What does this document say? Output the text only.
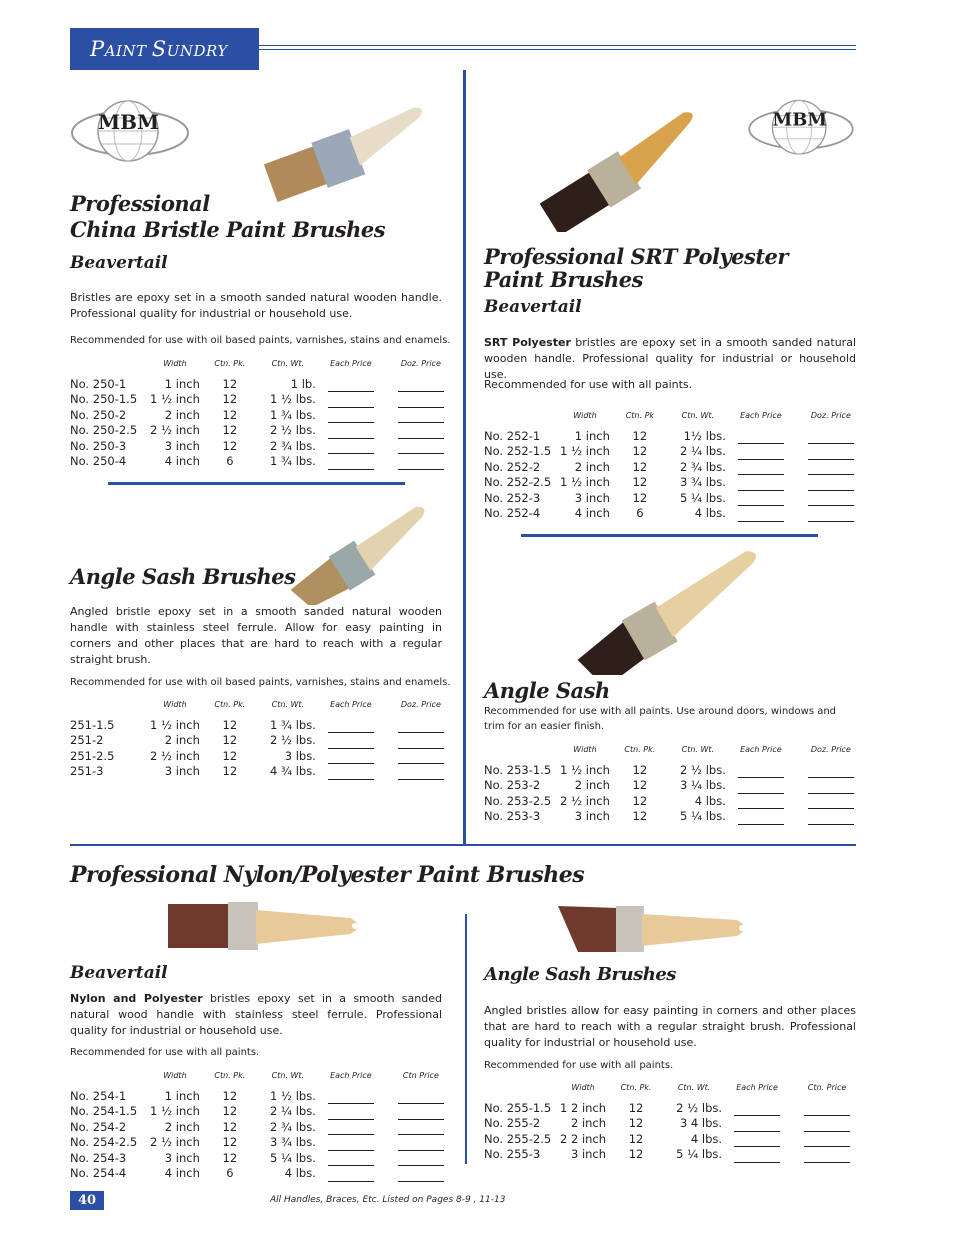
PAINT SUNDRY
MBM	MBM
Professional
China Bristle Paint Brushes
Beavertail
Bristles are epoxy set in a smooth sanded natural wooden handle. Professional quality for industrial or household use.
Recommended for use with oil based paints, varnishes, stains and enamels.
	Width	Ctn. Pk.	Ctn. Wt.	Each Price	Doz. Price
No. 250-1	1 inch	12	1 lb.		
No. 250-1.5	1 ½ inch	12	1 ½ lbs.		
No. 250-2	2 inch	12	1 ¾ lbs.		
No. 250-2.5	2 ½ inch	12	2 ½ lbs.		
No. 250-3	3 inch	12	2 ¾ lbs.		
No. 250-4	4 inch	6	1 ¾ lbs.		
Angle Sash Brushes
Angled bristle epoxy set in a smooth sanded natural wooden handle with stainless steel ferrule. Allow for easy painting in corners and other places that are hard to reach with a regular straight brush.
Recommended for use with oil based paints, varnishes, stains and enamels.
	Width	Ctn. Pk.	Ctn. Wt.	Each Price	Doz. Price
251-1.5	1 ½ inch	12	1 ¾ lbs.		
251-2	2 inch	12	2 ½ lbs.		
251-2.5	2 ½ inch	12	3 lbs.		
251-3	3 inch	12	4 ¾ lbs.		
Professional SRT Polyester
Paint Brushes
Beavertail
SRT Polyester bristles are epoxy set in a smooth sanded natural wooden handle. Professional quality for industrial or household use.
Recommended for use with all paints.
	Width	Ctn. Pk	Ctn. Wt.	Each Price	Doz. Price
No. 252-1	1 inch	12	1½ lbs.		
No. 252-1.5	1 ½ inch	12	2 ¼ lbs.		
No. 252-2	2 inch	12	2 ¾ lbs.		
No. 252-2.5	1 ½ inch	12	3 ¾ lbs.		
No. 252-3	3 inch	12	5 ¼ lbs.		
No. 252-4	4 inch	6	4 lbs.		
Angle Sash
Recommended for use with all paints. Use around doors, windows and trim for an easier finish.
	Width	Ctn. Pk.	Ctn. Wt.	Each Price	Doz. Price
No. 253-1.5	1 ½ inch	12	2 ½ lbs.		
No. 253-2	2 inch	12	3 ¼ lbs.		
No. 253-2.5	2 ½ inch	12	4 lbs.		
No. 253-3	3 inch	12	5 ¼ lbs.		
Professional Nylon/Polyester Paint Brushes
Beavertail
Nylon and Polyester bristles epoxy set in a smooth sanded natural wood handle with stainless steel ferrule. Professional quality for industrial or household use.
Recommended for use with all paints.
	Width	Ctn. Pk.	Ctn. Wt.	Each Price	Ctn Price
No. 254-1	1 inch	12	1 ½ lbs.		
No. 254-1.5	1 ½ inch	12	2 ¼ lbs.		
No. 254-2	2 inch	12	2 ¾ lbs.		
No. 254-2.5	2 ½ inch	12	3 ¾ lbs.		
No. 254-3	3 inch	12	5 ¼ lbs.		
No. 254-4	4 inch	6	4 lbs.		
Angle Sash Brushes
Angled bristles allow for easy painting in corners and other places that are hard to reach with a regular straight brush. Professional quality for industrial or household use.
Recommended for use with all paints.
	Width	Ctn. Pk.	Ctn. Wt.	Each Price	Ctn. Price
No. 255-1.5	1 2 inch	12	2 ½ lbs.		
No. 255-2	2 inch	12	3 4 lbs.		
No. 255-2.5	2 2 inch	12	4 lbs.		
No. 255-3	3 inch	12	5 ¼ lbs.		
40	All Handles, Braces, Etc. Listed on Pages 8-9 , 11-13
